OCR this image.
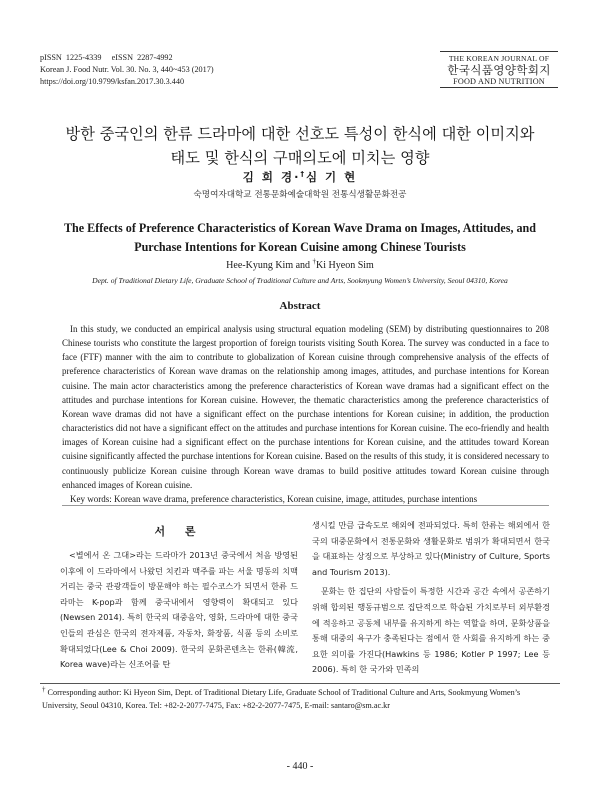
pISSN  1225-4339     eISSN  2287-4992
Korean J. Food Nutr. Vol. 30. No. 3, 440~453 (2017)
https://doi.org/10.9799/ksfan.2017.30.3.440
THE KOREAN JOURNAL OF
한국식품영양학회지
FOOD AND NUTRITION
방한 중국인의 한류 드라마에 대한 선호도 특성이 한식에 대한 이미지와
태도 및 한식의 구매의도에 미치는 영향
김 희 경·†심 기 현
숙명여자대학교 전통문화예술대학원 전통식생활문화전공
The Effects of Preference Characteristics of Korean Wave Drama on Images, Attitudes, and
Purchase Intentions for Korean Cuisine among Chinese Tourists
Hee-Kyung Kim and †Ki Hyeon Sim
Dept. of Traditional Dietary Life, Graduate School of Traditional Culture and Arts, Sookmyung Women’s University, Seoul 04310, Korea
Abstract
In this study, we conducted an empirical analysis using structural equation modeling (SEM) by distributing questionnaires to 208 Chinese tourists who constitute the largest proportion of foreign tourists visiting South Korea. The survey was conducted in a face to face (FTF) manner with the aim to contribute to globalization of Korean cuisine through comprehensive analysis of the effects of preference characteristics of Korean wave dramas on the relationship among images, attitudes, and purchase intentions for Korean cuisine. The main actor characteristics among the preference characteristics of Korean wave dramas had a significant effect on the attitudes and purchase intentions for Korean cuisine. However, the thematic characteristics among the preference characteristics of Korean wave dramas did not have a significant effect on the purchase intentions for Korean cuisine; in addition, the production characteristics did not have a significant effect on the attitudes and purchase intentions for Korean cuisine. The eco-friendly and health images of Korean cuisine had a significant effect on the purchase intentions for Korean cuisine, and the attitudes toward Korean cuisine significantly affected the purchase intentions for Korean cuisine. Based on the results of this study, it is considered necessary to continuously publicize Korean cuisine through Korean wave dramas to build positive attitudes toward Korean cuisine through enhanced images of Korean cuisine.
Key words: Korean wave drama, preference characteristics, Korean cuisine, image, attitudes, purchase intentions
서 론
<별에서 온 그대>라는 드라마가 2013년 중국에서 처음 방영된 이후에 이 드라마에서 나왔던 치킨과 맥주를 파는 서울 명동의 치맥거리는 중국 관광객들이 방문해야 하는 필수코스가 되면서 한류 드라마는 K-pop과 함께 중국내에서 영향력이 확대되고 있다(Newsen 2014). 특히 한국의 대중음악, 영화, 드라마에 대한 중국인들의 관심은 한국의 전자제품, 자동차, 화장품, 식품 등의 소비로 확대되었다(Lee & Choi 2009). 한국의 문화콘텐츠는 한류(韓流, Korea wave)라는 신조어를 탄
생시킬 만큼 급속도로 해외에 전파되었다. 특히 한류는 해외에서 한국의 대중문화에서 전통문화와 생활문화로 범위가 확대되면서 한국을 대표하는 상징으로 부상하고 있다(Ministry of Culture, Sports and Tourism 2013).
문화는 한 집단의 사람들이 특정한 시간과 공간 속에서 공존하기 위해 합의된 행동규범으로 집단적으로 학습된 가치로부터 외부환경에 적응하고 공동체 내부를 유지하게 하는 역할을 하며, 문화상품을 통해 대중의 욕구가 충족된다는 점에서 한 사회를 유지하게 하는 중요한 의미를 가진다(Hawkins 등 1986; Kotler P 1997; Lee 등 2006). 특히 한 국가와 민족의
† Corresponding author: Ki Hyeon Sim, Dept. of Traditional Dietary Life, Graduate School of Traditional Culture and Arts, Sookmyung Women’s University, Seoul 04310, Korea. Tel: +82-2-2077-7475, Fax: +82-2-2077-7475, E-mail: santaro@sm.ac.kr
- 440 -
